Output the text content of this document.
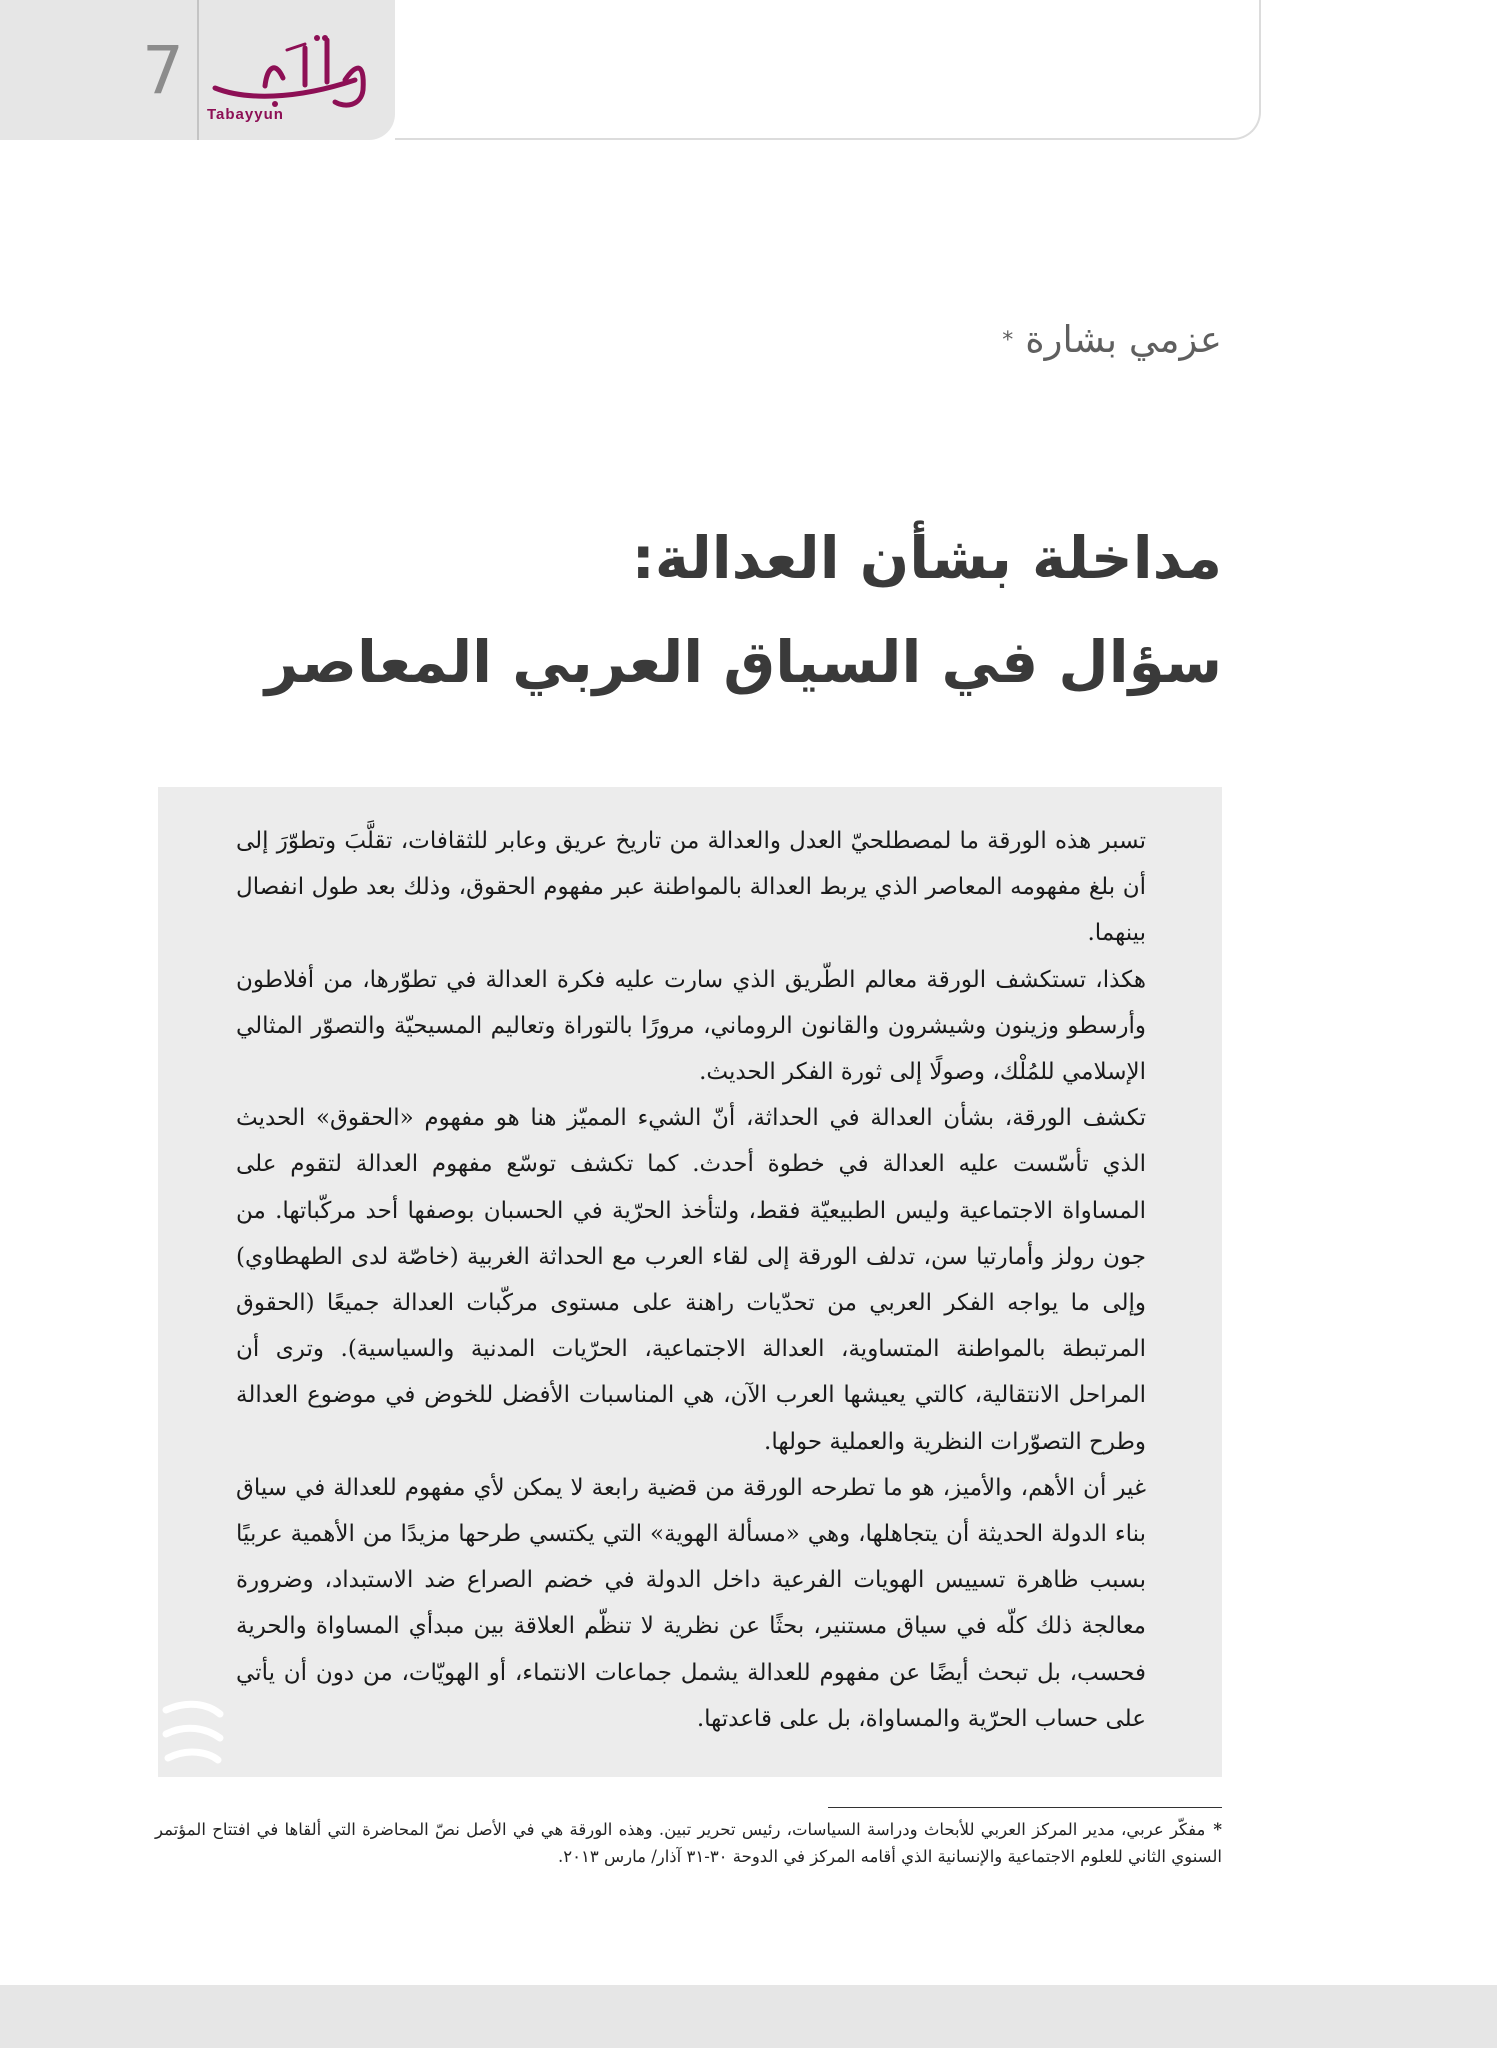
7
Tabayyun
عزمي بشارة*
مداخلة بشأن العدالة:
سؤال في السياق العربي المعاصر

تسبر هذه الورقة ما لمصطلحيّ العدل والعدالة من تاريخ عريق وعابر للثقافات، تقلَّبَ وتطوّرَ إلى أن بلغ مفهومه المعاصر الذي يربط العدالة بالمواطنة عبر مفهوم الحقوق، وذلك بعد طول انفصال بينهما.

هكذا، تستكشف الورقة معالم الطّريق الذي سارت عليه فكرة العدالة في تطوّرها، من أفلاطون وأرسطو وزينون وشيشرون والقانون الروماني، مرورًا بالتوراة وتعاليم المسيحيّة والتصوّر المثالي الإسلامي للمُلْك، وصولًا إلى ثورة الفكر الحديث.

تكشف الورقة، بشأن العدالة في الحداثة، أنّ الشيء المميّز هنا هو مفهوم «الحقوق» الحديث الذي تأسّست عليه العدالة في خطوة أحدث. كما تكشف توسّع مفهوم العدالة لتقوم على المساواة الاجتماعية وليس الطبيعيّة فقط، ولتأخذ الحرّية في الحسبان بوصفها أحد مركّباتها. من جون رولز وأمارتيا سن، تدلف الورقة إلى لقاء العرب مع الحداثة الغربية (خاصّة لدى الطهطاوي) وإلى ما يواجه الفكر العربي من تحدّيات راهنة على مستوى مركّبات العدالة جميعًا (الحقوق المرتبطة بالمواطنة المتساوية، العدالة الاجتماعية، الحرّيات المدنية والسياسية). وترى أن المراحل الانتقالية، كالتي يعيشها العرب الآن، هي المناسبات الأفضل للخوض في موضوع العدالة وطرح التصوّرات النظرية والعملية حولها.

غير أن الأهم، والأميز، هو ما تطرحه الورقة من قضية رابعة لا يمكن لأي مفهوم للعدالة في سياق بناء الدولة الحديثة أن يتجاهلها، وهي «مسألة الهوية» التي يكتسي طرحها مزيدًا من الأهمية عربيًا بسبب ظاهرة تسييس الهويات الفرعية داخل الدولة في خضم الصراع ضد الاستبداد، وضرورة معالجة ذلك كلّه في سياق مستنير، بحثًا عن نظرية لا تنظّم العلاقة بين مبدأي المساواة والحرية فحسب، بل تبحث أيضًا عن مفهوم للعدالة يشمل جماعات الانتماء، أو الهويّات، من دون أن يأتي على حساب الحرّية والمساواة، بل على قاعدتها.

*مفكّر عربي، مدير المركز العربي للأبحاث ودراسة السياسات، رئيس تحرير تبين. وهذه الورقة هي في الأصل نصّ المحاضرة التي ألقاها في افتتاح المؤتمر السنوي الثاني للعلوم الاجتماعية والإنسانية الذي أقامه المركز في الدوحة ٣٠-٣١ آذار/ مارس ٢٠١٣.
